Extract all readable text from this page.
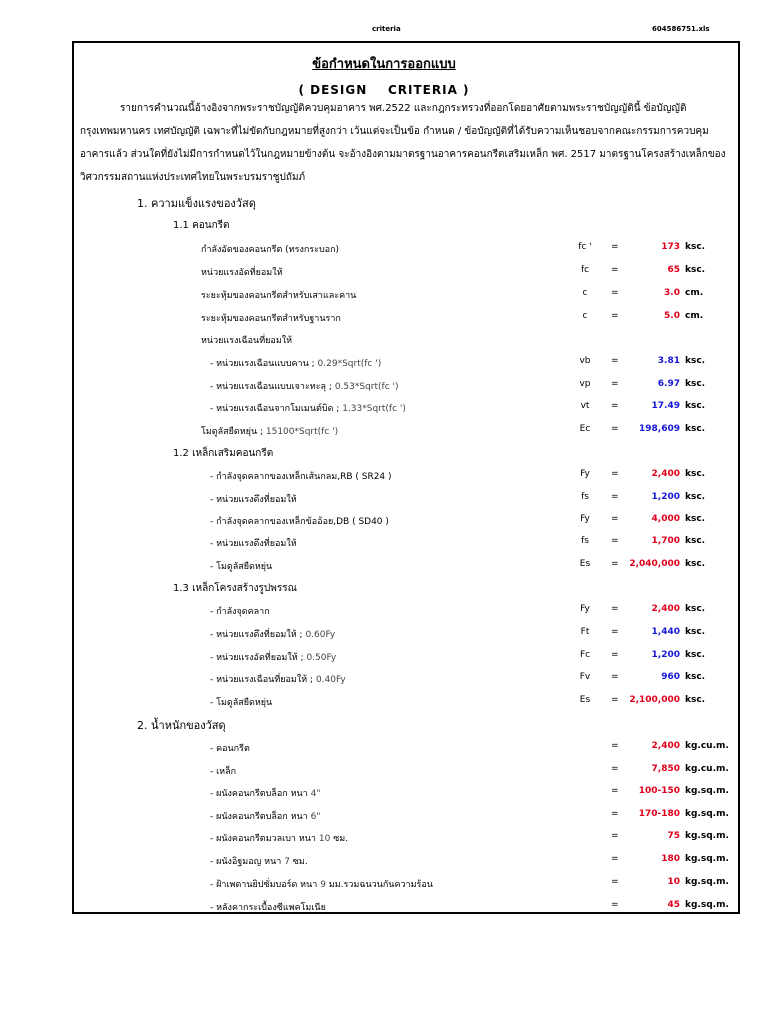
criteria	604586751.xls
ข้อกำหนดในการออกแบบ
( DESIGN    CRITERIA )
รายการคำนวณนี้อ้างอิงจากพระราชบัญญัติควบคุมอาคาร พศ.2522 และกฎกระทรวงที่ออกโดยอาศัยตามพระราชบัญญัตินี้ ข้อบัญญัติ
กรุงเทพมหานคร เทศบัญญัติ เฉพาะที่ไม่ขัดกับกฎหมายที่สูงกว่า เว้นแต่จะเป็นข้อ กำหนด / ข้อบัญญัติที่ได้รับความเห็นชอบจากคณะกรรมการควบคุม
อาคารแล้ว ส่วนใดที่ยังไม่มีการกำหนดไว้ในกฎหมายข้างต้น จะอ้างอิงตามมาตรฐานอาคารคอนกรีตเสริมเหล็ก พศ. 2517 มาตรฐานโครงสร้างเหล็กของ
วิศวกรรมสถานแห่งประเทศไทยในพระบรมราชูปถัมภ์
1. ความแข็งแรงของวัสดุ
1.1 คอนกรีต
กำลังอัดของคอนกรีต (ทรงกระบอก)	fc '	=	173 ksc.
หน่วยแรงอัดที่ยอมให้	fc	=	65 ksc.
ระยะหุ้มของคอนกรีตสำหรับเสาและคาน	c	=	3.0 cm.
ระยะหุ้มของคอนกรีตสำหรับฐานราก	c	=	5.0 cm.
หน่วยแรงเฉือนที่ยอมให้
- หน่วยแรงเฉือนแบบคาน ; 0.29*Sqrt(fc ')	vb	=	3.81 ksc.
- หน่วยแรงเฉือนแบบเจาะทะลุ ; 0.53*Sqrt(fc ')	vp	=	6.97 ksc.
- หน่วยแรงเฉือนจากโมเมนต์บิด ; 1.33*Sqrt(fc ')	vt	=	17.49 ksc.
โมดูลัสยืดหยุ่น ; 15100*Sqrt(fc ')	Ec	= 198,609 ksc.
1.2 เหล็กเสริมคอนกรีต
- กำลังจุดคลากของเหล็กเส้นกลม,RB ( SR24 )	Fy	=	2,400 ksc.
- หน่วยแรงดึงที่ยอมให้	fs	=	1,200 ksc.
- กำลังจุดคลากของเหล็กข้ออ้อย,DB ( SD40 )	Fy	=	4,000 ksc.
- หน่วยแรงดึงที่ยอมให้	fs	=	1,700 ksc.
- โมดูลัสยืดหยุ่น	Es	= 2,040,000 ksc.
1.3 เหล็กโครงสร้างรูปพรรณ
- กำลังจุดคลาก	Fy	=	2,400 ksc.
- หน่วยแรงดึงที่ยอมให้ ; 0.60Fy	Ft	=	1,440 ksc.
- หน่วยแรงอัดที่ยอมให้ ; 0.50Fy	Fc	=	1,200 ksc.
- หน่วยแรงเฉือนที่ยอมให้ ; 0.40Fy	Fv	=	960 ksc.
- โมดูลัสยืดหยุ่น	Es	= 2,100,000 ksc.
2. น้ำหนักของวัสดุ
- คอนกรีต	=	2,400 kg.cu.m.
- เหล็ก	=	7,850 kg.cu.m.
- ผนังคอนกรีตบล็อก หนา 4"	= 100-150 kg.sq.m.
- ผนังคอนกรีตบล็อก หนา 6"	= 170-180 kg.sq.m.
- ผนังคอนกรีตมวลเบา หนา 10 ซม.	=	75 kg.sq.m.
- ผนังอิฐมอญ หนา 7 ซม.	=	180 kg.sq.m.
- ฝ้าเพดานยิปซั่มบอร์ด หนา 9 มม.รวมฉนวนกันความร้อน	=	10 kg.sq.m.
- หลังคากระเบื้องซีแพคโมเนีย	=	45 kg.sq.m.
